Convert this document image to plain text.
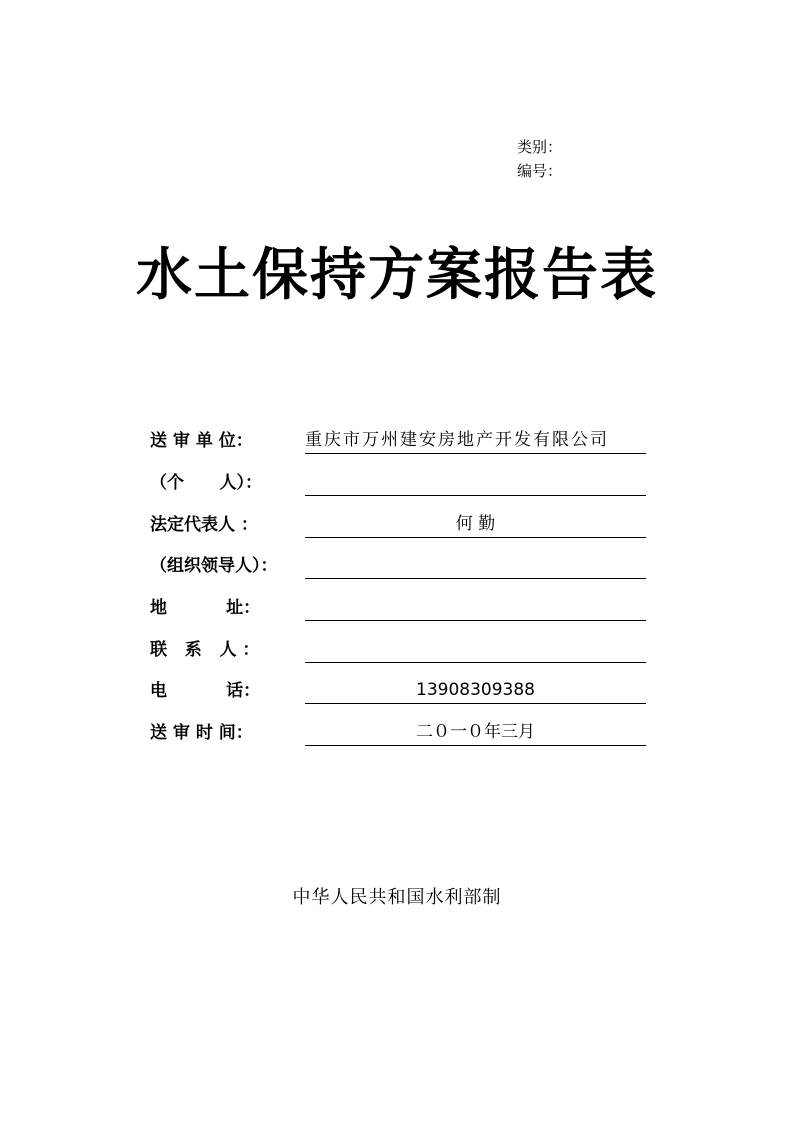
类别：
编号：
水土保持方案报告表
送 审 单 位：	重庆市万州建安房地产开发有限公司
（个      人）：
法定代表人 ：	何 勤
（组织领导人）：
地          址：
联   系   人 ：
电          话：	13908309388
送 审 时 间：	二０一０年三月
中华人民共和国水利部制
